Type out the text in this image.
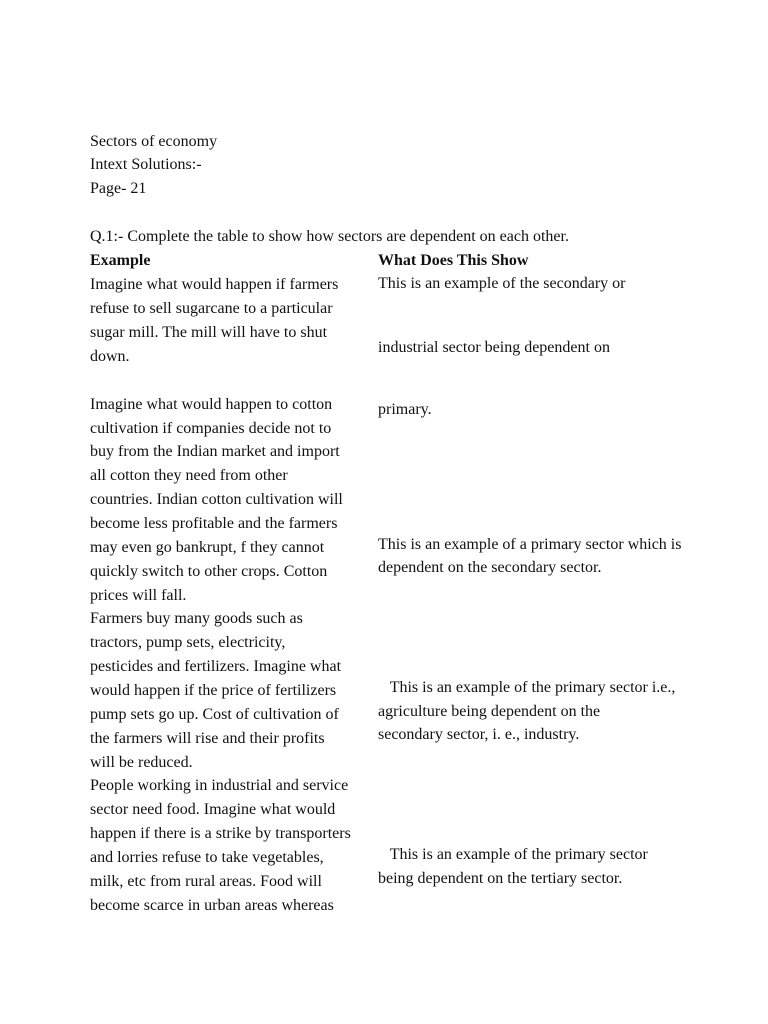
Sectors of economy
Intext Solutions:-
Page- 21
Q.1:- Complete the table to show how sectors are dependent on each other.
Example	What Does This Show
Imagine what would happen if farmers
refuse to sell sugarcane to a particular
sugar mill. The mill will have to shut
down.
Imagine what would happen to cotton
cultivation if companies decide not to
buy from the Indian market and import
all cotton they need from other
countries. Indian cotton cultivation will
become less profitable and the farmers
may even go bankrupt, f they cannot
quickly switch to other crops. Cotton
prices will fall.
Farmers buy many goods such as
tractors, pump sets, electricity,
pesticides and fertilizers. Imagine what
would happen if the price of fertilizers
pump sets go up. Cost of cultivation of
the farmers will rise and their profits
will be reduced.
People working in industrial and service
sector need food. Imagine what would
happen if there is a strike by transporters
and lorries refuse to take vegetables,
milk, etc from rural areas. Food will
become scarce in urban areas whereas
This is an example of the secondary or
industrial sector being dependent on
primary.
This is an example of a primary sector which is
dependent on the secondary sector.
This is an example of the primary sector i.e.,
agriculture being dependent on the
secondary sector, i. e., industry.
This is an example of the primary sector
being dependent on the tertiary sector.
